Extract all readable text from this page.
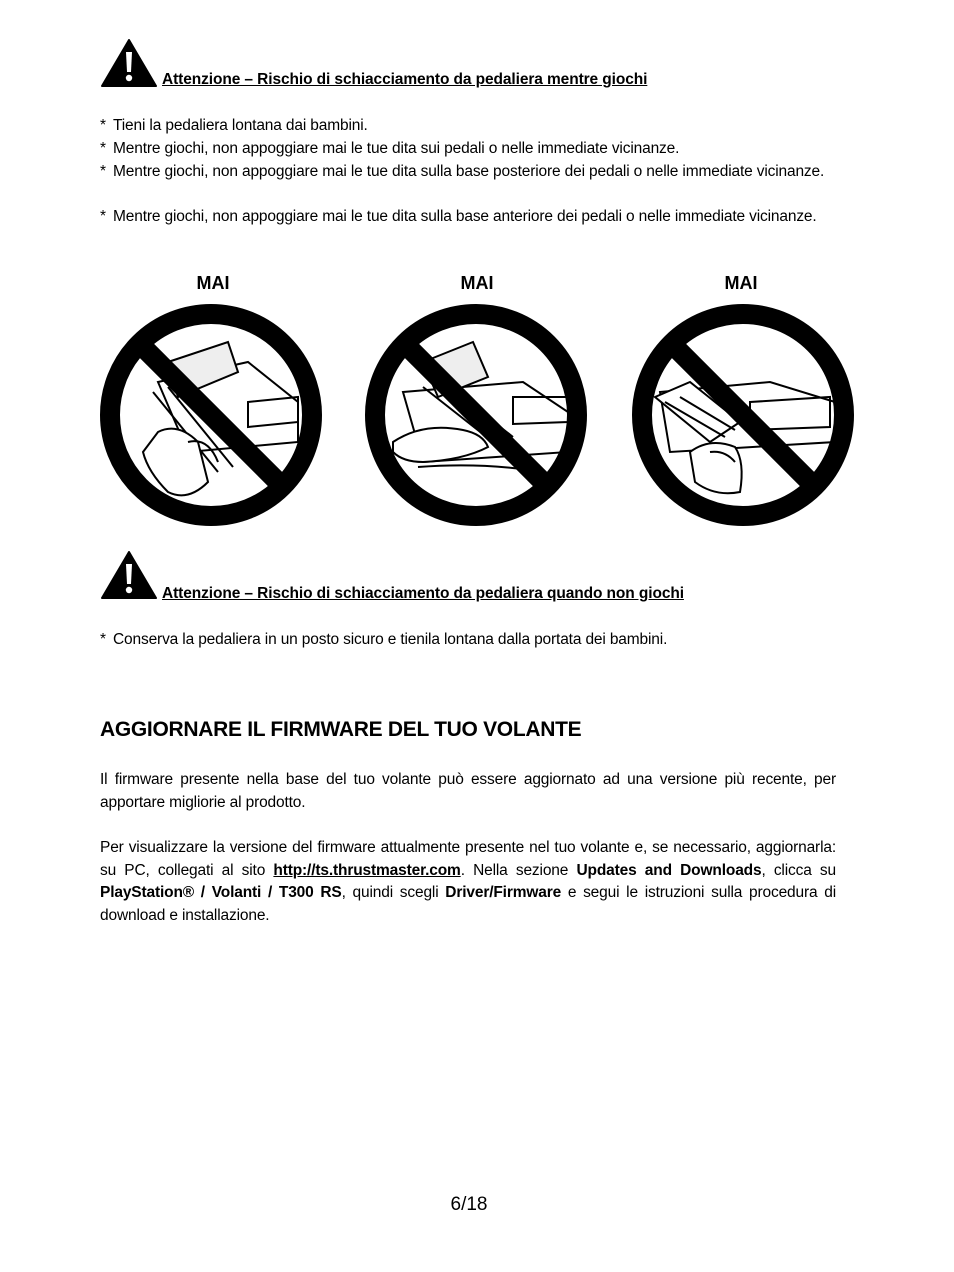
Attenzione – Rischio di schiacciamento da pedaliera mentre giochi
* Tieni la pedaliera lontana dai bambini.
* Mentre giochi, non appoggiare mai le tue dita sui pedali o nelle immediate vicinanze.
* Mentre giochi, non appoggiare mai le tue dita sulla base posteriore dei pedali o nelle immediate vicinanze.
* Mentre giochi, non appoggiare mai le tue dita sulla base anteriore dei pedali o nelle immediate vicinanze.
MAI	MAI	MAI
Attenzione – Rischio di schiacciamento da pedaliera quando non giochi
* Conserva la pedaliera in un posto sicuro e tienila lontana dalla portata dei bambini.
AGGIORNARE IL FIRMWARE DEL TUO VOLANTE
Il firmware presente nella base del tuo volante può essere aggiornato ad una versione più recente, per apportare migliorie al prodotto.
Per visualizzare la versione del firmware attualmente presente nel tuo volante e, se necessario, aggiornarla: su PC, collegati al sito http://ts.thrustmaster.com. Nella sezione Updates and Downloads, clicca su PlayStation® / Volanti / T300 RS, quindi scegli Driver/Firmware e segui le istruzioni sulla procedura di download e installazione.
6/18
